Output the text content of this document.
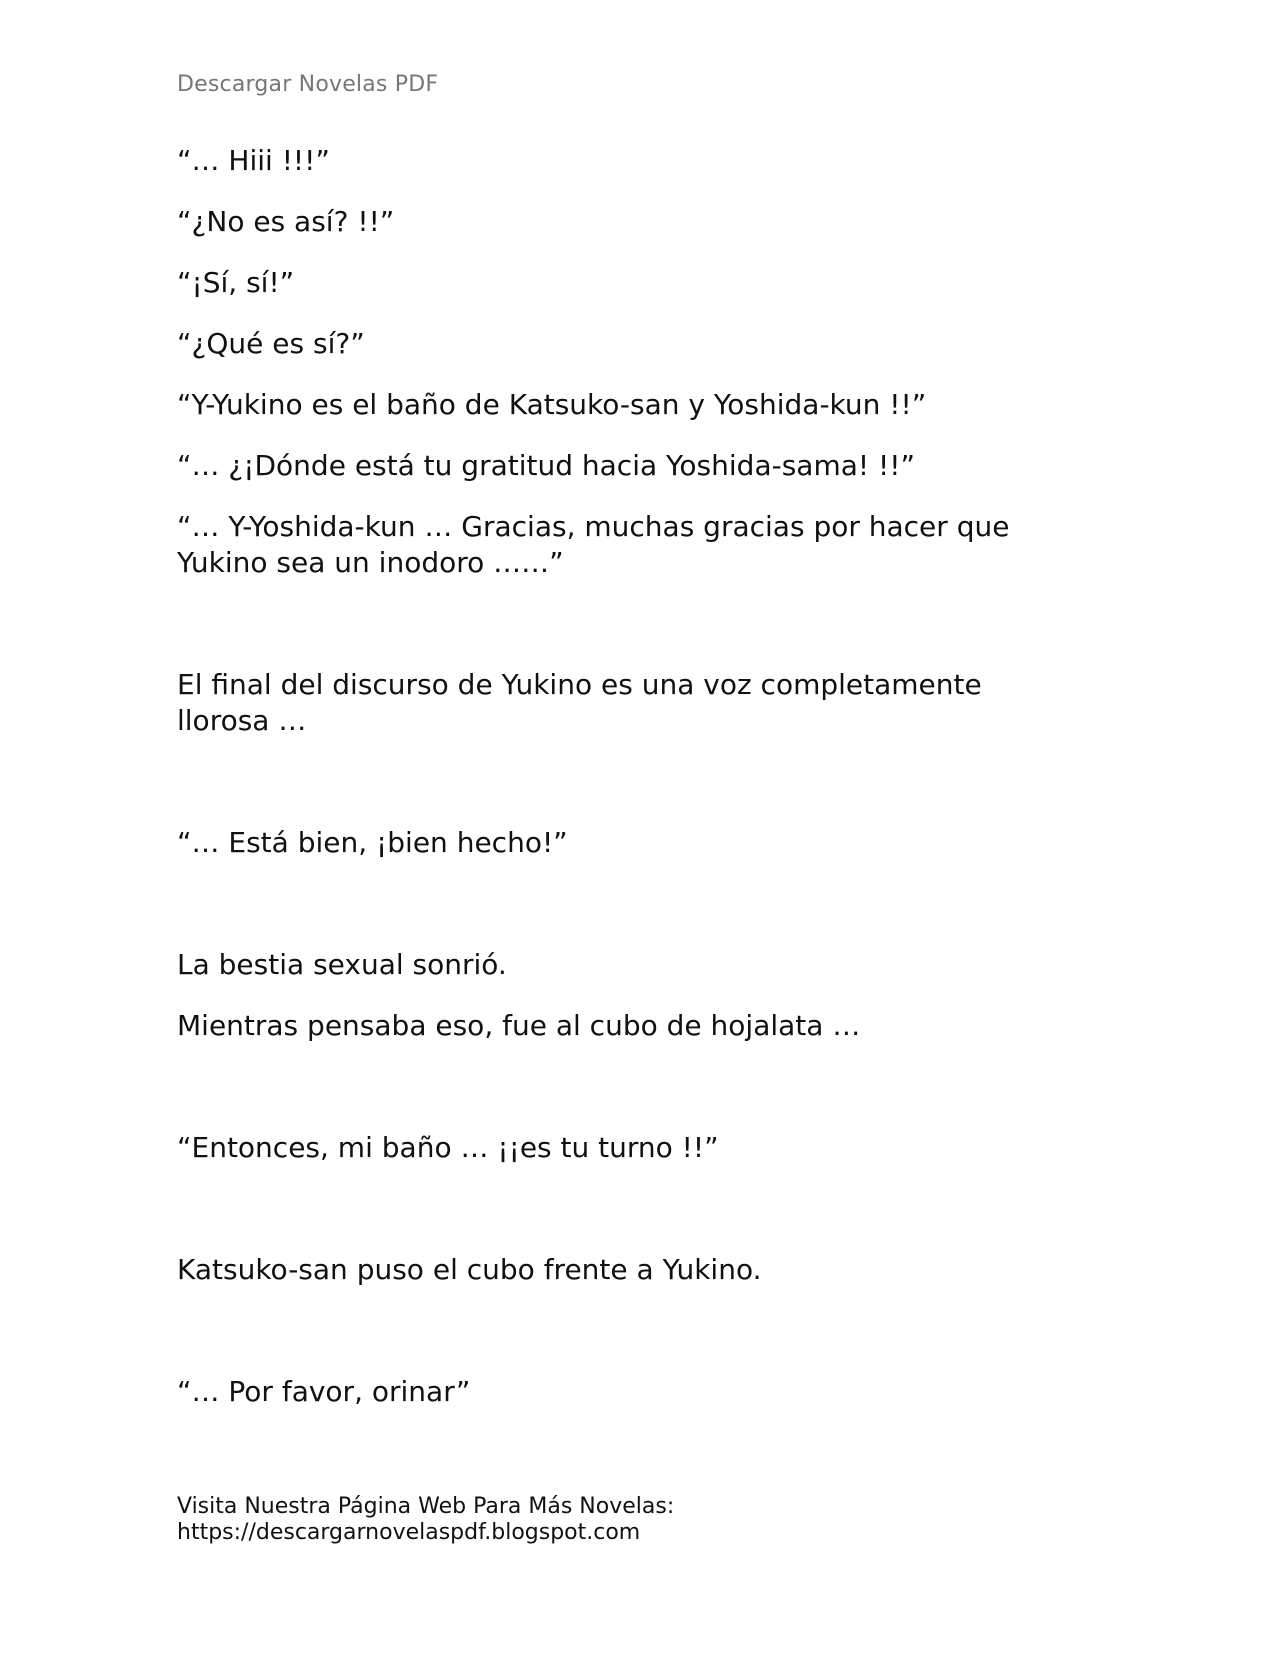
Descargar Novelas PDF

“… Hiii !!!”

“¿No es así? !!”

“¡Sí, sí!”

“¿Qué es sí?”

“Y-Yukino es el baño de Katsuko-san y Yoshida-kun !!”

“… ¿¡Dónde está tu gratitud hacia Yoshida-sama! !!”

“… Y-Yoshida-kun … Gracias, muchas gracias por hacer que Yukino sea un inodoro ……”

El final del discurso de Yukino es una voz completamente llorosa …

“… Está bien, ¡bien hecho!”

La bestia sexual sonrió.

Mientras pensaba eso, fue al cubo de hojalata …

“Entonces, mi baño … ¡¡es tu turno !!”

Katsuko-san puso el cubo frente a Yukino.

“… Por favor, orinar”

Visita Nuestra Página Web Para Más Novelas:
https://descargarnovelaspdf.blogspot.com
